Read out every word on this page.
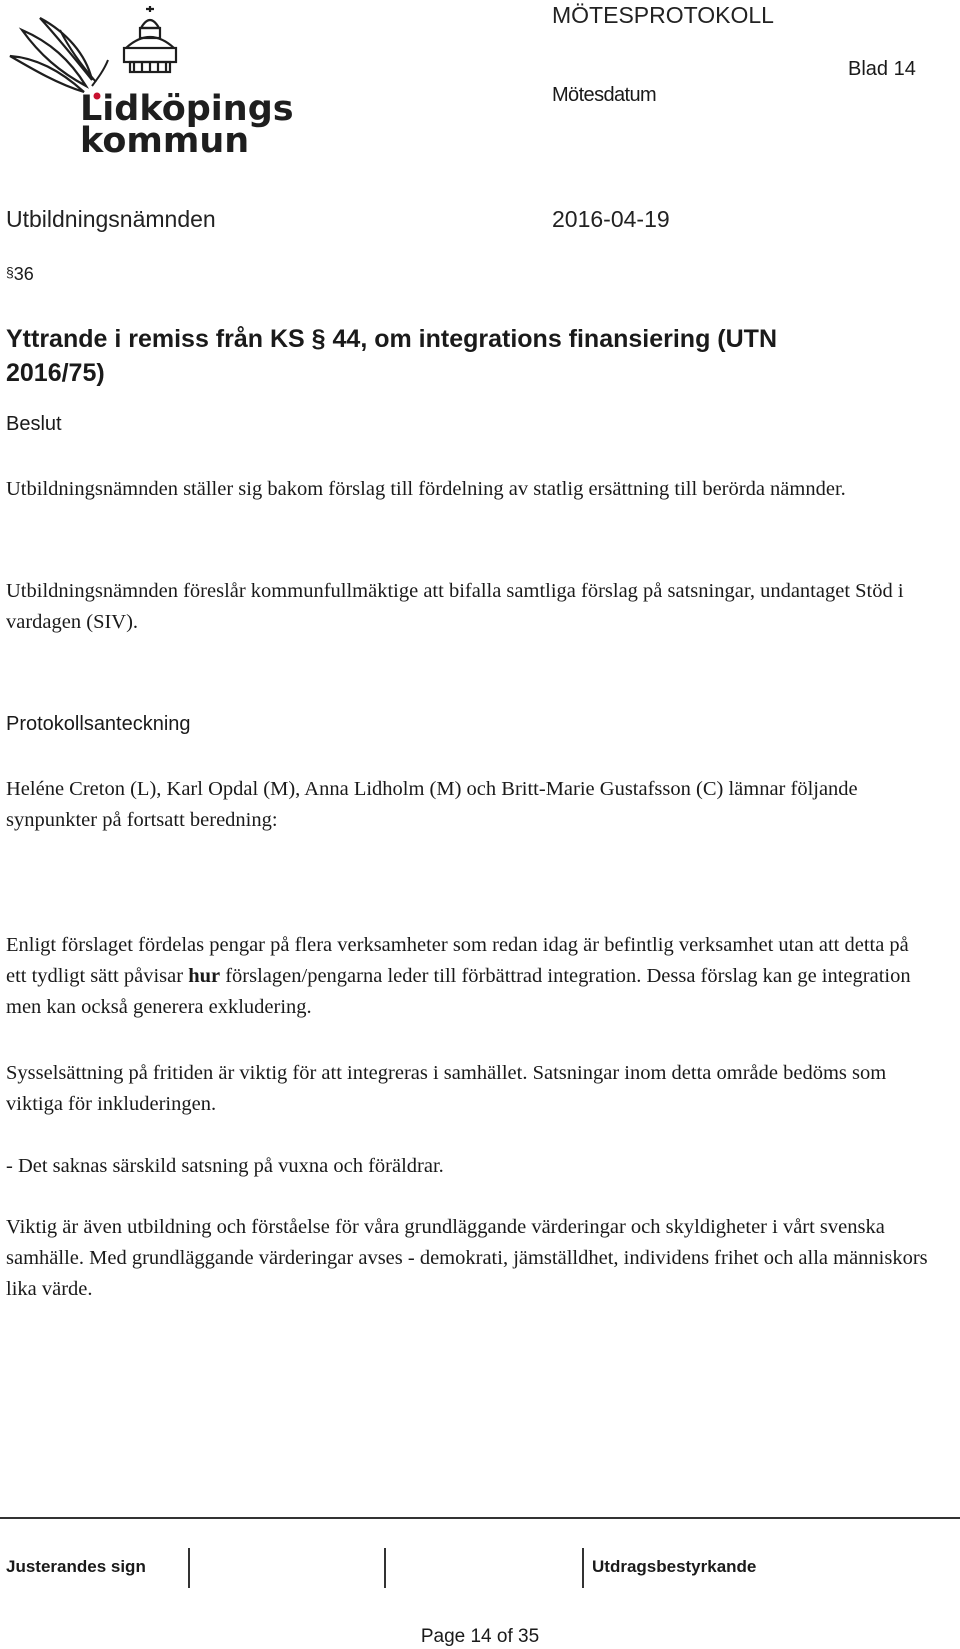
Lidköpings
kommun
MÖTESPROTOKOLL
Blad 14
Mötesdatum
Utbildningsnämnden	2016-04-19
§36
Yttrande i remiss från KS § 44, om integrations finansiering (UTN
2016/75)
Beslut

Utbildningsnämnden ställer sig bakom förslag till fördelning av statlig ersättning till berörda nämnder.

Utbildningsnämnden föreslår kommunfullmäktige att bifalla samtliga förslag på satsningar, undantaget Stöd i vardagen (SIV).

Protokollsanteckning

Heléne Creton (L), Karl Opdal (M), Anna Lidholm (M) och Britt-Marie Gustafsson (C) lämnar följande synpunkter på fortsatt beredning:

Enligt förslaget fördelas pengar på flera verksamheter som redan idag är befintlig verksamhet utan att detta på ett tydligt sätt påvisar hur förslagen/pengarna leder till förbättrad integration. Dessa förslag kan ge integration men kan också generera exkludering.

Sysselsättning på fritiden är viktig för att integreras i samhället. Satsningar inom detta område bedöms som viktiga för inkluderingen.

- Det saknas särskild satsning på vuxna och föräldrar.

Viktig är även utbildning och förståelse för våra grundläggande värderingar och skyldigheter i vårt svenska samhälle. Med grundläggande värderingar avses - demokrati, jämställdhet, individens frihet och alla människors lika värde.

Justerandes sign	Utdragsbestyrkande
Page 14 of 35
